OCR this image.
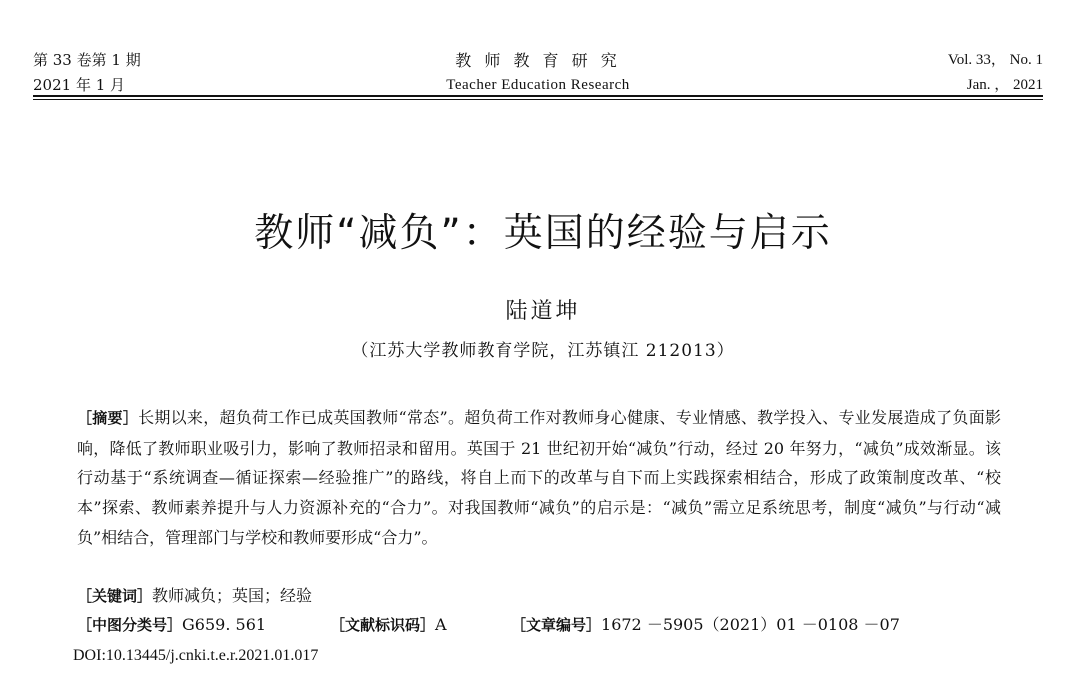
第 33 卷第 1 期
2021 年 1 月
教 师 教 育 研 究
Teacher Education Research
Vol. 33， No. 1
Jan. ， 2021
教师“减负”：英国的经验与启示
陆道坤
（江苏大学教师教育学院，江苏镇江 212013）
［摘要］长期以来，超负荷工作已成英国教师“常态”。超负荷工作对教师身心健康、专业情感、教学投入、专业发展造成了负面影响，降低了教师职业吸引力，影响了教师招录和留用。英国于 21 世纪初开始“减负”行动，经过 20 年努力，“减负”成效渐显。该行动基于“系统调查—循证探索—经验推广”的路线，将自上而下的改革与自下而上实践探索相结合，形成了政策制度改革、“校本”探索、教师素养提升与人力资源补充的“合力”。对我国教师“减负”的启示是：“减负”需立足系统思考，制度“减负”与行动“减负”相结合，管理部门与学校和教师要形成“合力”。
［关键词］教师减负；英国；经验
［中图分类号］G659. 561	［文献标识码］A	［文章编号］1672 －5905（2021）01 －0108 －07
DOI:10.13445/j.cnki.t.e.r.2021.01.017
